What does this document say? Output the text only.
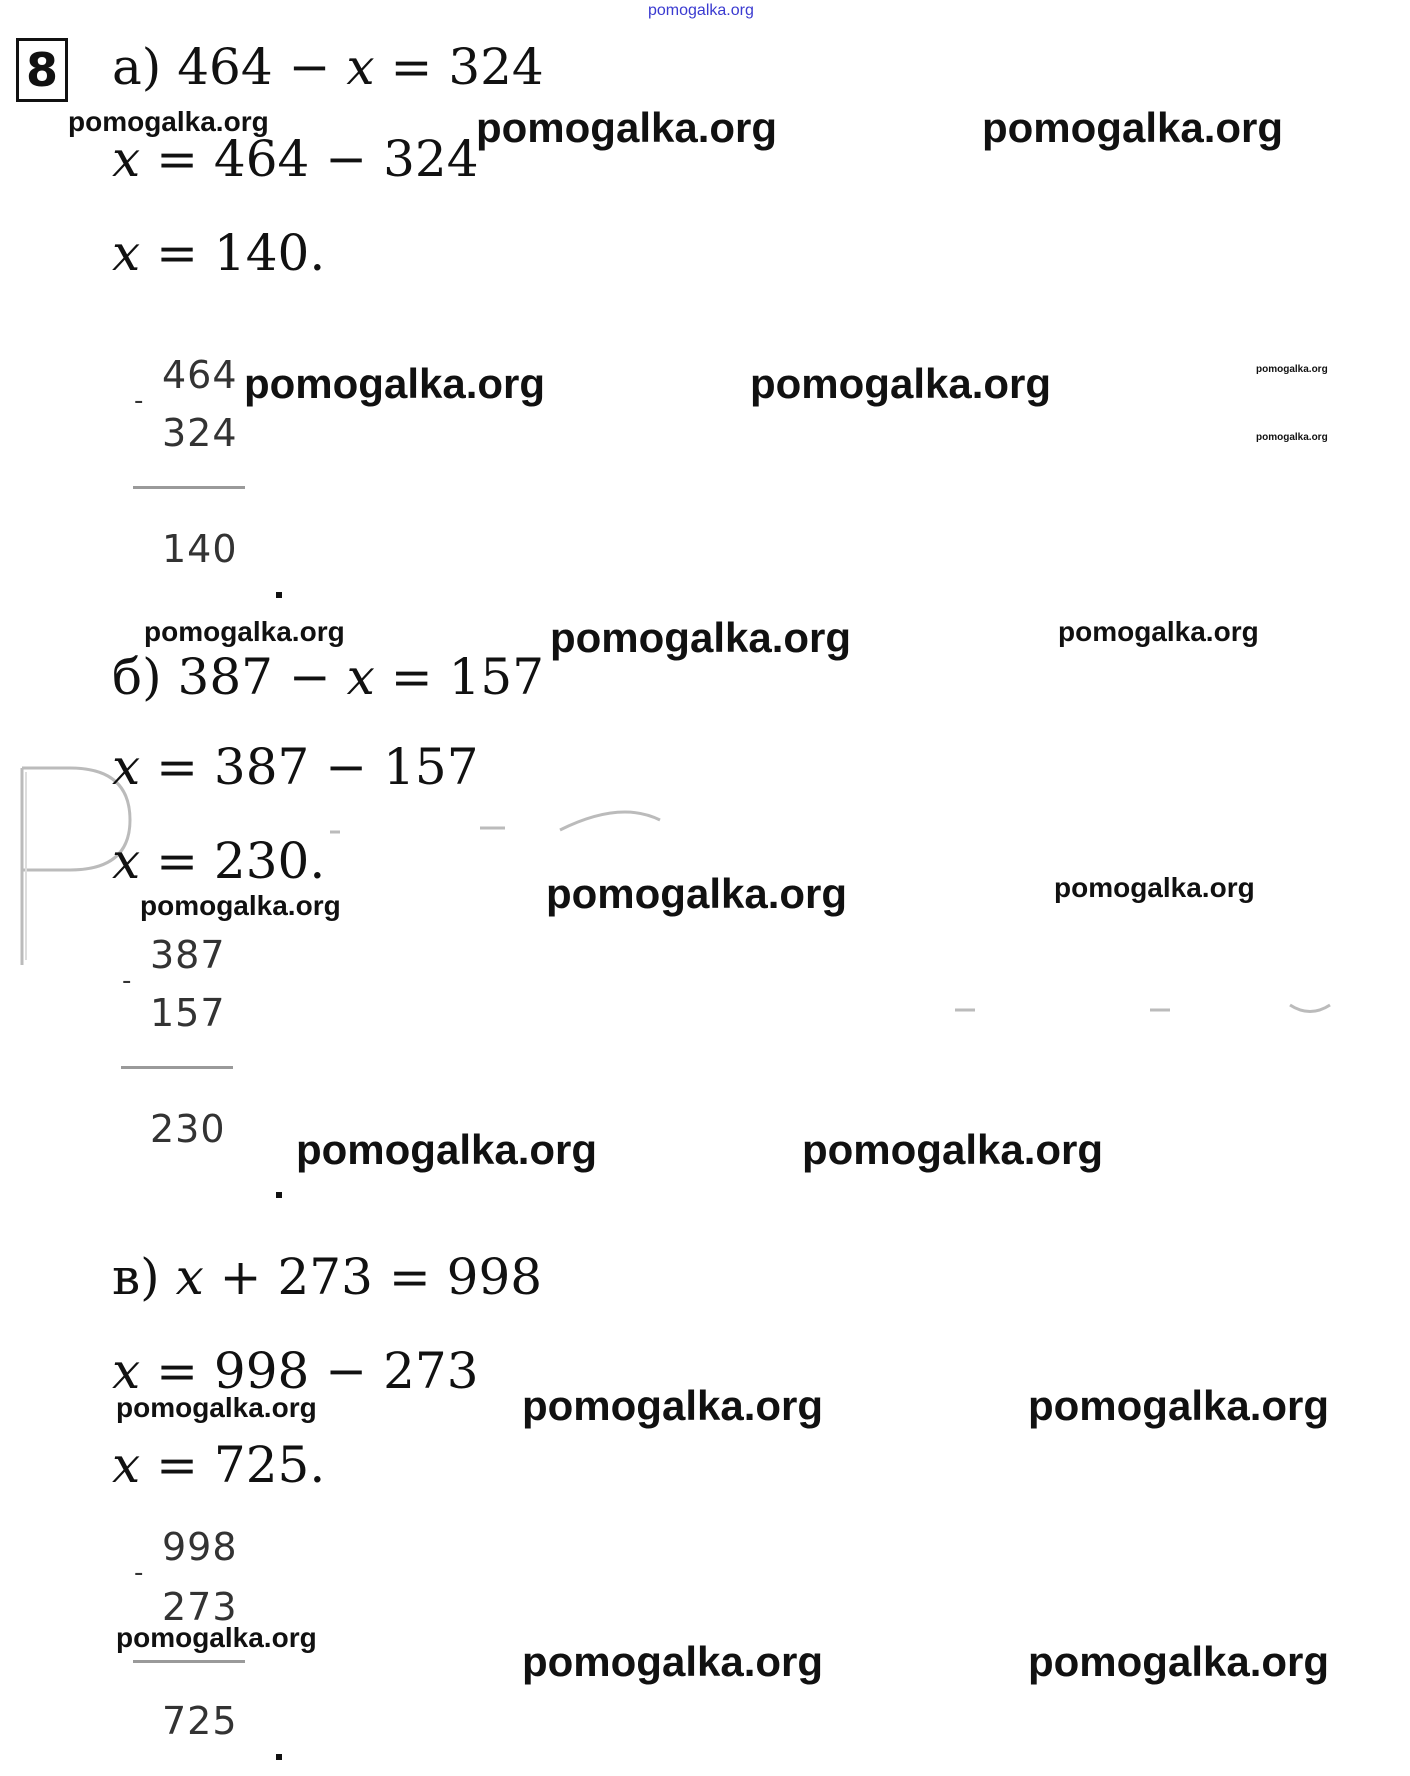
pomogalka.org
8 а) 464 − x = 324
x = 464 − 324
x = 140.
464
-
324
140
б) 387 − x = 157
x = 387 − 157
x = 230.
387
-
157
230
в) x + 273 = 998
x = 998 − 273
x = 725.
998
-
273
725
pomogalka.org	pomogalka.org	pomogalka.org
pomogalka.org	pomogalka.org	pomogalka.org
pomogalka.org
pomogalka.org	pomogalka.org	pomogalka.org
pomogalka.org	pomogalka.org	pomogalka.org
pomogalka.org	pomogalka.org
pomogalka.org	pomogalka.org	pomogalka.org
pomogalka.org
pomogalka.org	pomogalka.org
